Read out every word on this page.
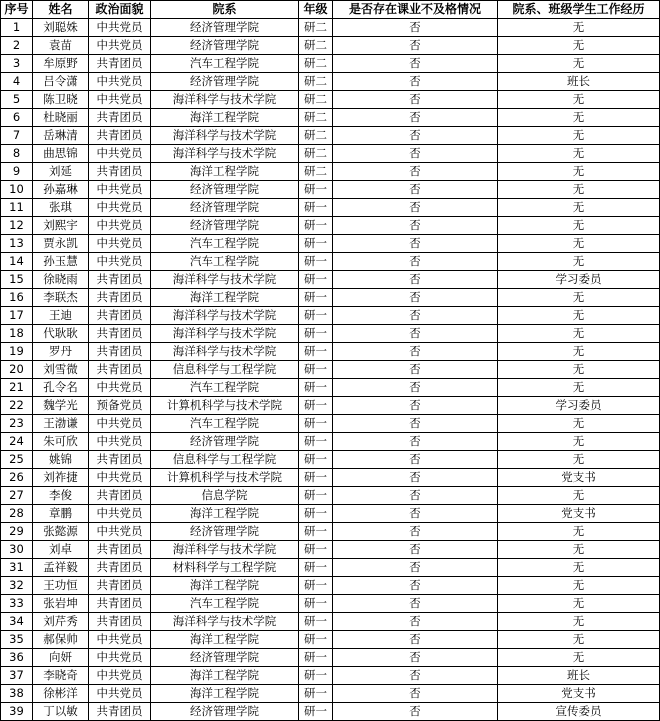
序号	姓名	政治面貌	院系	年级	是否存在课业不及格情况	院系、班级学生工作经历
1	刘聪姝	中共党员	经济管理学院	研二	否	无
2	袁苗	中共党员	经济管理学院	研二	否	无
3	牟原野	共青团员	汽车工程学院	研二	否	无
4	吕令潇	中共党员	经济管理学院	研二	否	班长
5	陈卫晓	中共党员	海洋科学与技术学院	研二	否	无
6	杜晓丽	共青团员	海洋工程学院	研二	否	无
7	岳琳清	共青团员	海洋科学与技术学院	研二	否	无
8	曲思锦	中共党员	海洋科学与技术学院	研二	否	无
9	刘延	共青团员	海洋工程学院	研二	否	无
10	孙嘉琳	中共党员	经济管理学院	研一	否	无
11	张琪	中共党员	经济管理学院	研一	否	无
12	刘熙宇	中共党员	经济管理学院	研一	否	无
13	贾永凯	中共党员	汽车工程学院	研一	否	无
14	孙玉慧	中共党员	汽车工程学院	研一	否	无
15	徐晓雨	共青团员	海洋科学与技术学院	研一	否	学习委员
16	李联杰	共青团员	海洋工程学院	研一	否	无
17	王迪	共青团员	海洋科学与技术学院	研一	否	无
18	代耿耿	共青团员	海洋科学与技术学院	研一	否	无
19	罗丹	共青团员	海洋科学与技术学院	研一	否	无
20	刘雪微	共青团员	信息科学与工程学院	研一	否	无
21	孔令名	中共党员	汽车工程学院	研一	否	无
22	魏学光	预备党员	计算机科学与技术学院	研一	否	学习委员
23	王渤谦	中共党员	汽车工程学院	研一	否	无
24	朱可欣	中共党员	经济管理学院	研一	否	无
25	姚锦	共青团员	信息科学与工程学院	研一	否	无
26	刘祚捷	中共党员	计算机科学与技术学院	研一	否	党支书
27	李俊	共青团员	信息学院	研一	否	无
28	章鹏	中共党员	海洋工程学院	研一	否	党支书
29	张懿源	中共党员	经济管理学院	研一	否	无
30	刘卓	共青团员	海洋科学与技术学院	研一	否	无
31	孟祥毅	共青团员	材料科学与工程学院	研一	否	无
32	王功恒	共青团员	海洋工程学院	研一	否	无
33	张岩坤	共青团员	汽车工程学院	研一	否	无
34	刘芹秀	共青团员	海洋科学与技术学院	研一	否	无
35	郝保帅	中共党员	海洋工程学院	研一	否	无
36	向妍	中共党员	经济管理学院	研一	否	无
37	李晓奇	中共党员	海洋工程学院	研一	否	班长
38	徐彬洋	中共党员	海洋工程学院	研一	否	党支书
39	丁以敏	共青团员	经济管理学院	研一	否	宣传委员
